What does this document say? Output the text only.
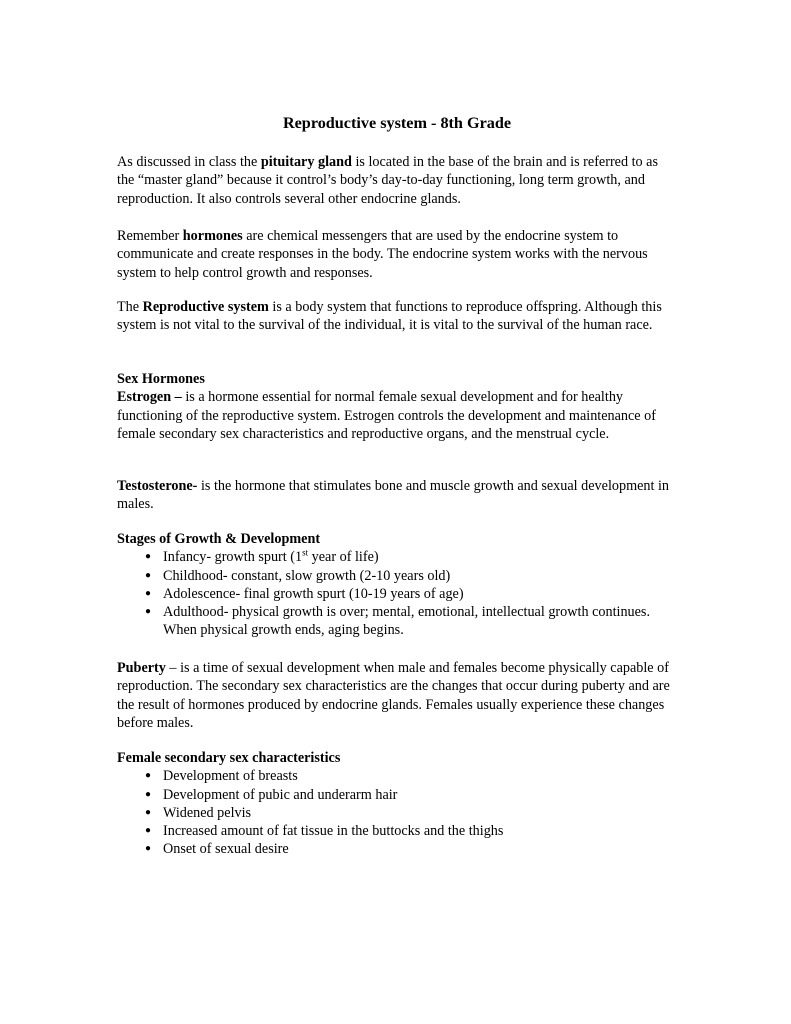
Reproductive system - 8th Grade

As discussed in class the pituitary gland is located in the base of the brain and is referred to as the “master gland” because it control’s body’s day-to-day functioning, long term growth, and reproduction. It also controls several other endocrine glands.

Remember hormones are chemical messengers that are used by the endocrine system to communicate and create responses in the body. The endocrine system works with the nervous system to help control growth and responses.

The Reproductive system is a body system that functions to reproduce offspring. Although this system is not vital to the survival of the individual, it is vital to the survival of the human race.

Sex Hormones

Estrogen – is a hormone essential for normal female sexual development and for healthy functioning of the reproductive system. Estrogen controls the development and maintenance of female secondary sex characteristics and reproductive organs, and the menstrual cycle.

Testosterone- is the hormone that stimulates bone and muscle growth and sexual development in males.

Stages of Growth & Development

● Infancy- growth spurt (1st year of life)
● Childhood- constant, slow growth (2-10 years old)
● Adolescence- final growth spurt (10-19 years of age)
● Adulthood- physical growth is over; mental, emotional, intellectual growth continues. When physical growth ends, aging begins.

Puberty – is a time of sexual development when male and females become physically capable of reproduction. The secondary sex characteristics are the changes that occur during puberty and are the result of hormones produced by endocrine glands. Females usually experience these changes before males.

Female secondary sex characteristics

● Development of breasts
● Development of pubic and underarm hair
● Widened pelvis
● Increased amount of fat tissue in the buttocks and the thighs
● Onset of sexual desire
